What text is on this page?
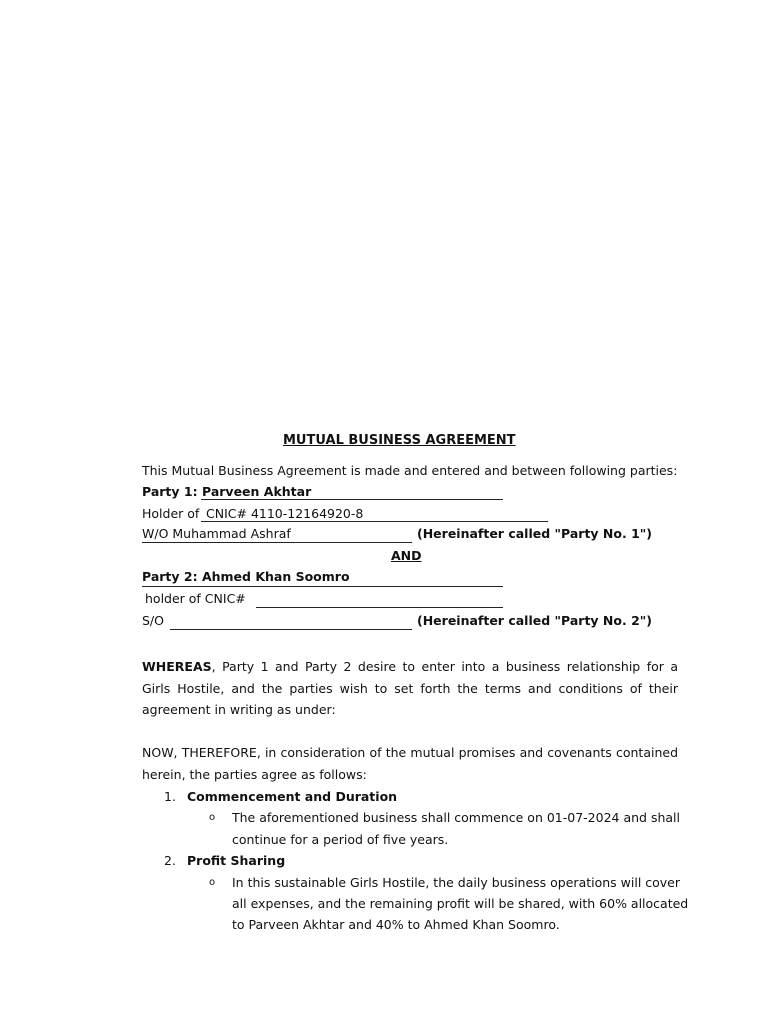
MUTUAL BUSINESS AGREEMENT
This Mutual Business Agreement is made and entered and between following parties:
Party 1: Parveen Akhtar
Holder of CNIC# 4110-12164920-8
W/O Muhammad Ashraf	(Hereinafter called "Party No. 1")
AND
Party 2: Ahmed Khan Soomro
holder of CNIC#
S/O	(Hereinafter called "Party No. 2")
WHEREAS, Party 1 and Party 2 desire to enter into a business relationship for a
Girls Hostile, and the parties wish to set forth the terms and conditions of their
agreement in writing as under:
NOW, THEREFORE, in consideration of the mutual promises and covenants contained
herein, the parties agree as follows:
1. Commencement and Duration
o The aforementioned business shall commence on 01-07-2024 and shall
continue for a period of five years.
2. Profit Sharing
o In this sustainable Girls Hostile, the daily business operations will cover
all expenses, and the remaining profit will be shared, with 60% allocated
to Parveen Akhtar and 40% to Ahmed Khan Soomro.
